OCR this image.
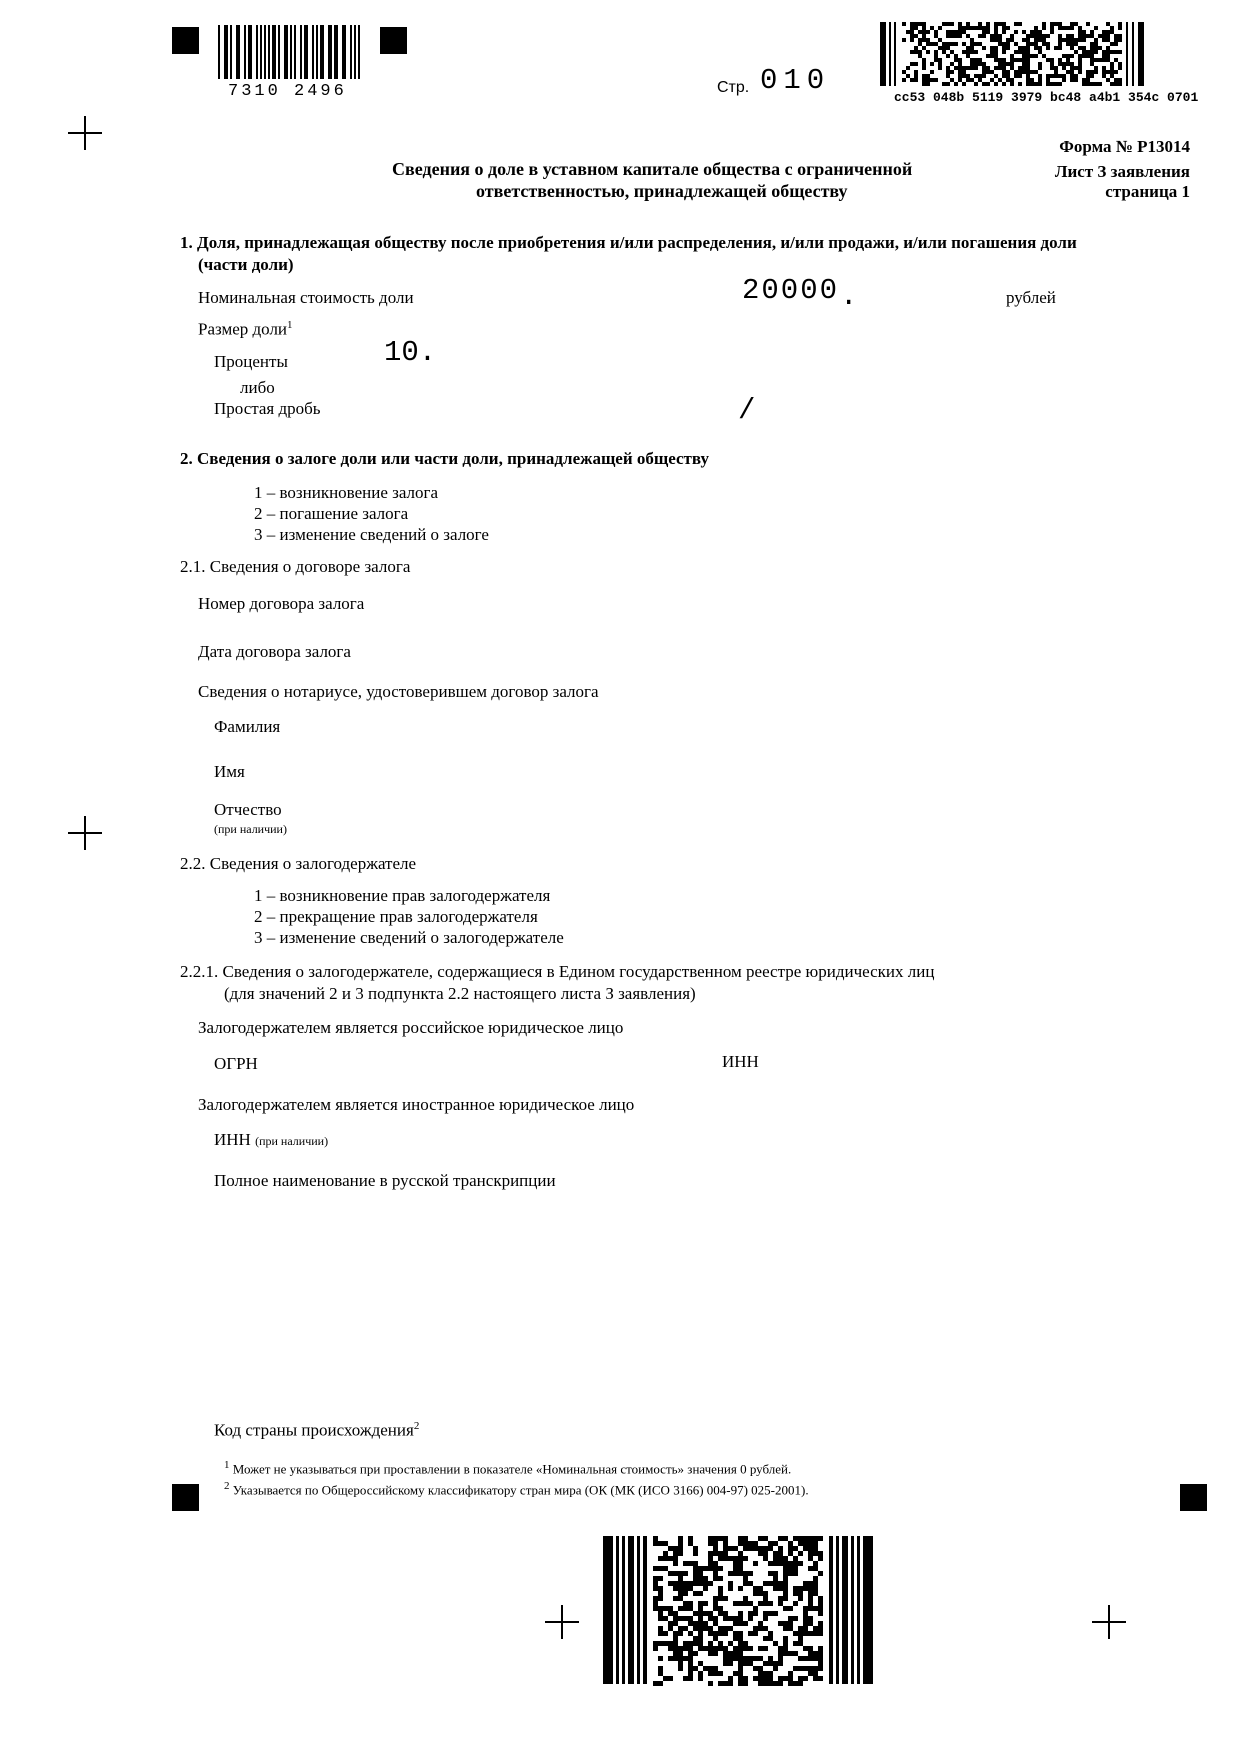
7310 2496	Стр. 010
cc53 048b 5119 3979 bc48 a4b1 354c 0701
Форма № Р13014
Лист З заявления
страница 1
Сведения о доле в уставном капитале общества с ограниченной
ответственностью, принадлежащей обществу
1. Доля, принадлежащая обществу после приобретения и/или распределения, и/или продажи, и/или погашения доли
(части доли)
Номинальная стоимость доли	20000 .	рублей
Размер доли$^1$
Проценты	10.
либо
Простая дробь	/
2. Сведения о залоге доли или части доли, принадлежащей обществу
1 – возникновение залога
2 – погашение залога
3 – изменение сведений о залоге
2.1. Сведения о договоре залога
Номер договора залога
Дата договора залога
Сведения о нотариусе, удостоверившем договор залога
Фамилия
Имя
Отчество
(при наличии)
2.2. Сведения о залогодержателе
1 – возникновение прав залогодержателя
2 – прекращение прав залогодержателя
3 – изменение сведений о залогодержателе
2.2.1. Сведения о залогодержателе, содержащиеся в Едином государственном реестре юридических лиц
(для значений 2 и 3 подпункта 2.2 настоящего листа З заявления)
Залогодержателем является российское юридическое лицо
ОГРН	ИНН
Залогодержателем является иностранное юридическое лицо
ИНН (при наличии)
Полное наименование в русской транскрипции
Код страны происхождения$^2$
$^1$ Может не указываться при проставлении в показателе «Номинальная стоимость» значения 0 рублей.
$^2$ Указывается по Общероссийскому классификатору стран мира (ОК (МК (ИСО 3166) 004-97) 025-2001).
